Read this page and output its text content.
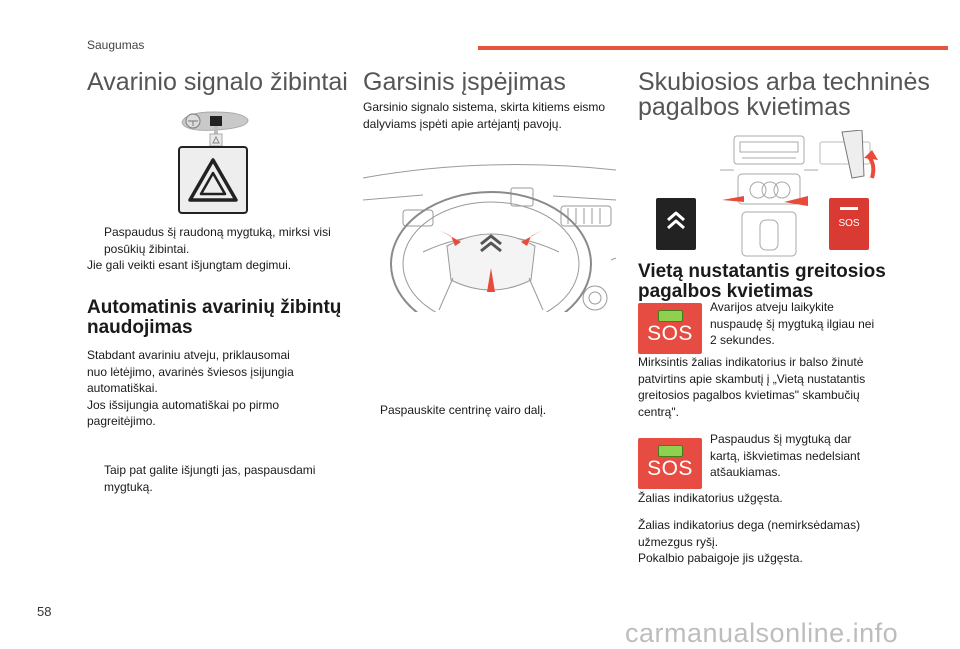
Saugumas
Avarinio signalo žibintai
Paspaudus šį raudoną mygtuką, mirksi visi
posūkių žibintai.
Jie gali veikti esant išjungtam degimui.
Automatinis avarinių žibintų
naudojimas
Stabdant avariniu atveju, priklausomai
nuo lėtėjimo, avarinės šviesos įsijungia
automatiškai.
Jos išsijungia automatiškai po pirmo
pagreitėjimo.
Taip pat galite išjungti jas, paspausdami
mygtuką.
Garsinis įspėjimas
Garsinio signalo sistema, skirta kitiems eismo
dalyviams įspėti apie artėjantį pavojų.
Paspauskite centrinę vairo dalį.
Skubiosios arba techninės
pagalbos kvietimas
SOS
Vietą nustatantis greitosios
pagalbos kvietimas
SOS
Avarijos atveju laikykite
nuspaudę šį mygtuką ilgiau nei
2 sekundes.
Mirksintis žalias indikatorius ir balso žinutė
patvirtins apie skambutį į „Vietą nustatantis
greitosios pagalbos kvietimas" skambučių
centrą".
SOS
Paspaudus šį mygtuką dar
kartą, iškvietimas nedelsiant
atšaukiamas.
Žalias indikatorius užgęsta.
Žalias indikatorius dega (nemirksėdamas)
užmezgus ryšį.
Pokalbio pabaigoje jis užgęsta.
58
carmanualsonline.info
